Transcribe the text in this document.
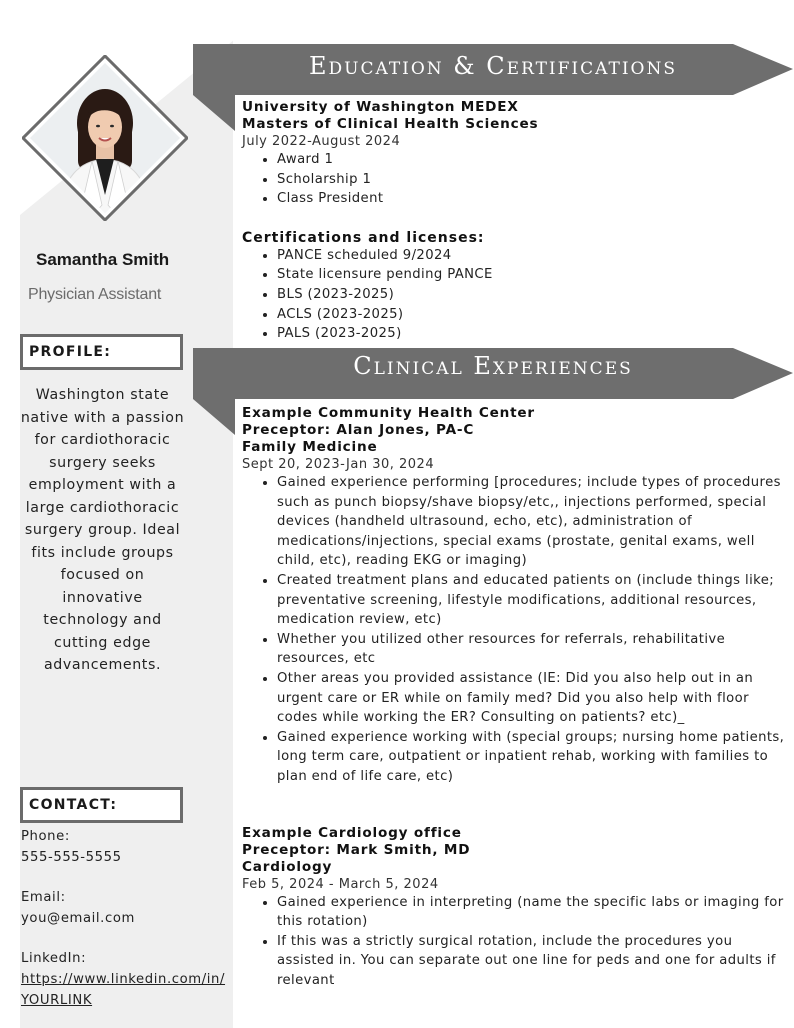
Samantha Smith
Physician Assistant
PROFILE:
Washington state native with a passion for cardiothoracic surgery seeks employment with a large cardiothoracic surgery group. Ideal fits include groups focused on innovative technology and cutting edge advancements.
CONTACT:
Phone:
555-555-5555
Email:
you@email.com
LinkedIn:
https://www.linkedin.com/in/YOURLINK
Education & Certifications
University of Washington MEDEX
Masters of Clinical Health Sciences
July 2022-August 2024
• Award 1
• Scholarship 1
• Class President
Certifications and licenses:
• PANCE scheduled 9/2024
• State licensure pending PANCE
• BLS (2023-2025)
• ACLS (2023-2025)
• PALS (2023-2025)
Clinical Experiences
Example Community Health Center
Preceptor: Alan Jones, PA-C
Family Medicine
Sept 20, 2023-Jan 30, 2024
• Gained experience performing [procedures; include types of procedures such as punch biopsy/shave biopsy/etc,, injections performed, special devices (handheld ultrasound, echo, etc), administration of medications/injections, special exams (prostate, genital exams, well child, etc), reading EKG or imaging)
• Created treatment plans and educated patients on (include things like; preventative screening, lifestyle modifications, additional resources, medication review, etc)
• Whether you utilized other resources for referrals, rehabilitative resources, etc
• Other areas you provided assistance (IE: Did you also help out in an urgent care or ER while on family med? Did you also help with floor codes while working the ER? Consulting on patients? etc)_
• Gained experience working with (special groups; nursing home patients, long term care, outpatient or inpatient rehab, working with families to plan end of life care, etc)
Example Cardiology office
Preceptor: Mark Smith, MD
Cardiology
Feb 5, 2024 - March 5, 2024
• Gained experience in interpreting (name the specific labs or imaging for this rotation)
• If this was a strictly surgical rotation, include the procedures you assisted in. You can separate out one line for peds and one for adults if relevant
